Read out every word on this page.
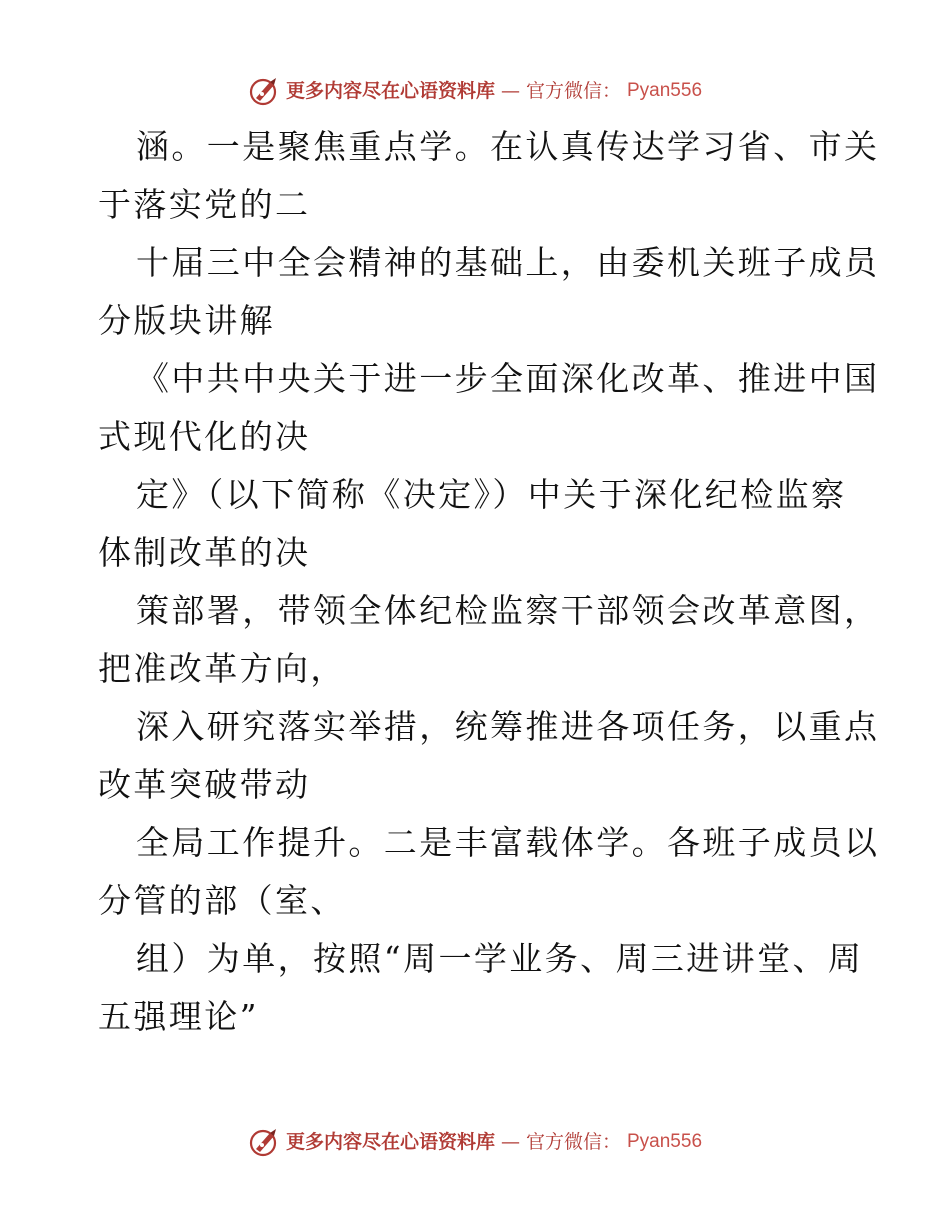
更多内容尽在心语资料库 — 官方微信： Pyan556
涵。一是聚焦重点学。在认真传达学习省、市关
于落实党的二
十届三中全会精神的基础上，由委机关班子成员
分版块讲解
《中共中央关于进一步全面深化改革、推进中国
式现代化的决
定》（以下简称《决定》）中关于深化纪检监察
体制改革的决
策部署，带领全体纪检监察干部领会改革意图，
把准改革方向，
深入研究落实举措，统筹推进各项任务，以重点
改革突破带动
全局工作提升。二是丰富载体学。各班子成员以
分管的部（室、
组）为单，按照“周一学业务、周三进讲堂、周
五强理论”
更多内容尽在心语资料库 — 官方微信： Pyan556
